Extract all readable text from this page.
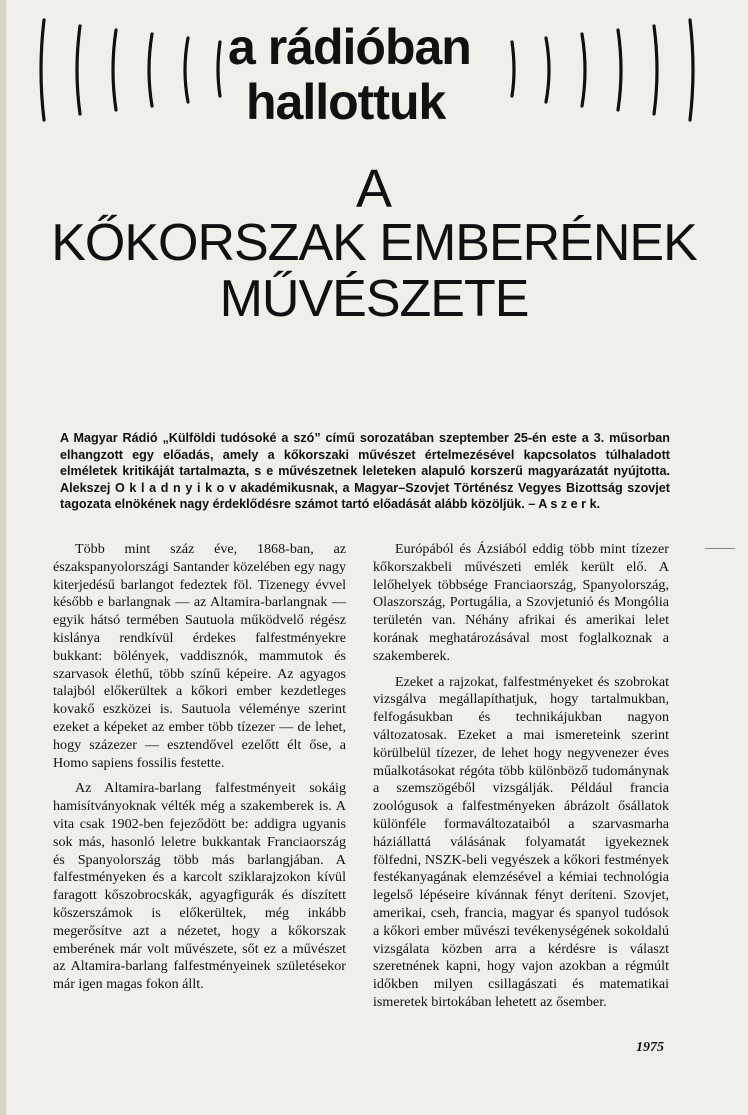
a rádióban
hallottuk
A
KŐKORSZAK EMBERÉNEK
MŰVÉSZETE
A Magyar Rádió „Külföldi tudósoké a szó” című sorozatában szeptember 25-én este a 3. műsorban elhangzott egy előadás, amely a kőkorszaki művészet értelmezésével kapcsolatos túlhaladott elméletek kritikáját tartalmazta, s e művészetnek leleteken alapuló korszerű magyarázatát nyújtotta. Alekszej O k l a d n y i k o v akadémikusnak, a Magyar–Szovjet Történész Vegyes Bizottság szovjet tagozata elnökének nagy érdeklődésre számot tartó előadását alább közöljük. – A s z e r k.

Több mint száz éve, 1868-ban, az északspanyolországi Santander közelében egy nagy kiterjedésű barlangot fedeztek föl. Tizenegy évvel később e barlangnak — az Altamira-barlangnak — egyik hátsó termében Sautuola működvelő régész kislánya rendkívül érdekes falfestményekre bukkant: bölények, vaddisznók, mammutok és szarvasok élethű, több színű képeire. Az agyagos talajból előkerültek a kőkori ember kezdetleges kovakő eszközei is. Sautuola véleménye szerint ezeket a képeket az ember több tízezer — de lehet, hogy százezer — esztendővel ezelőtt élt őse, a Homo sapiens fossilis festette.

Az Altamira-barlang falfestményeit sokáig hamisítványoknak vélték még a szakemberek is. A vita csak 1902-ben fejeződött be: addigra ugyanis sok más, hasonló leletre bukkantak Franciaország és Spanyolország több más barlangjában. A falfestményeken és a karcolt sziklarajzokon kívül faragott kőszobrocskák, agyagfigurák és díszített kőszerszámok is előkerültek, még inkább megerősítve azt a nézetet, hogy a kőkorszak emberének már volt művészete, sőt ez a művészet az Altamira-barlang falfestményeinek születésekor már igen magas fokon állt.

Európából és Ázsiából eddig több mint tízezer kőkorszakbeli művészeti emlék került elő. A lelőhelyek többsége Franciaország, Spanyolország, Olaszország, Portugália, a Szovjetunió és Mongólia területén van. Néhány afrikai és amerikai lelet korának meghatározásával most foglalkoznak a szakemberek.

Ezeket a rajzokat, falfestményeket és szobrokat vizsgálva megállapíthatjuk, hogy tartalmukban, felfogásukban és technikájukban nagyon változatosak. Ezeket a mai ismereteink szerint körülbelül tízezer, de lehet hogy negyvenezer éves műalkotásokat régóta több különböző tudománynak a szemszögéből vizsgálják. Például francia zoológusok a falfestményeken ábrázolt ősállatok különféle formaváltozataiból a szarvasmarha háziállattá válásának folyamatát igyekeznek fölfedni, NSZK-beli vegyészek a kőkori festmények festékanyagának elemzésével a kémiai technológia legelső lépéseire kívánnak fényt deríteni. Szovjet, amerikai, cseh, francia, magyar és spanyol tudósok a kőkori ember művészi tevékenységének sokoldalú vizsgálata közben arra a kérdésre is választ szeretnének kapni, hogy vajon azokban a régmúlt időkben milyen csillagászati és matematikai ismeretek birtokában lehetett az ősember.

1975
